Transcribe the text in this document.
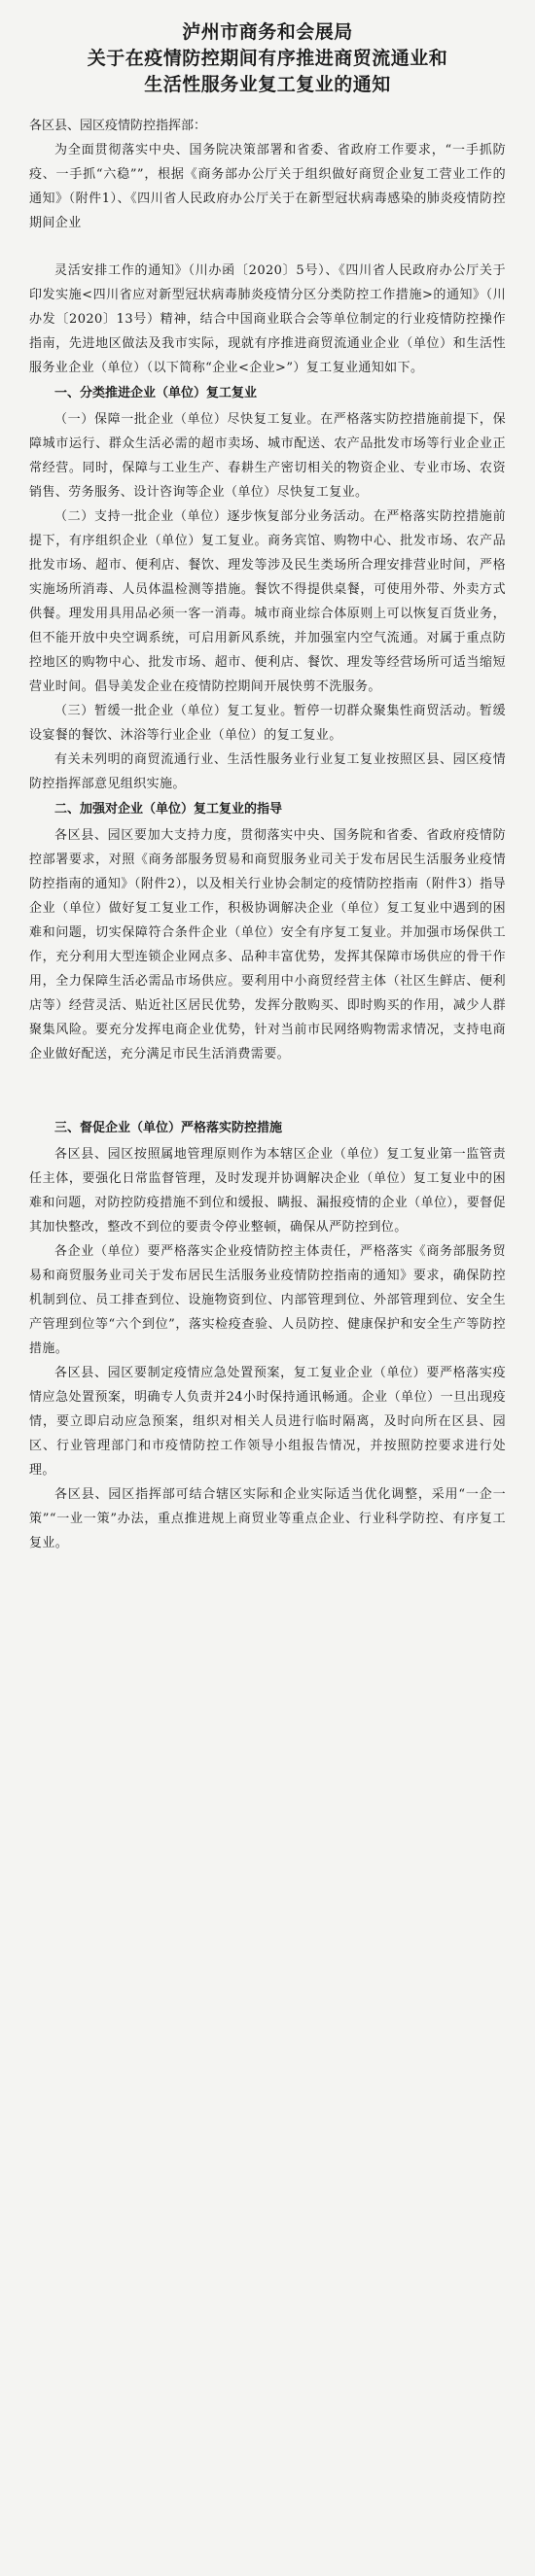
泸州市商务和会展局
关于在疫情防控期间有序推进商贸流通业和
生活性服务业复工复业的通知
各区县、园区疫情防控指挥部：

为全面贯彻落实中央、国务院决策部署和省委、省政府工作要求，“一手抓防疫、一手抓“六稳””，根据《商务部办公厅关于组织做好商贸企业复工营业工作的通知》（附件1）、《四川省人民政府办公厅关于在新型冠状病毒感染的肺炎疫情防控期间企业

灵活安排工作的通知》（川办函〔2020〕5号）、《四川省人民政府办公厅关于印发实施<四川省应对新型冠状病毒肺炎疫情分区分类防控工作措施>的通知》（川办发〔2020〕13号）精神，结合中国商业联合会等单位制定的行业疫情防控操作指南，先进地区做法及我市实际，现就有序推进商贸流通业企业（单位）和生活性服务业企业（单位）（以下简称“企业<企业>”）复工复业通知如下。

一、分类推进企业（单位）复工复业

（一）保障一批企业（单位）尽快复工复业。在严格落实防控措施前提下，保障城市运行、群众生活必需的超市卖场、城市配送、农产品批发市场等行业企业正常经营。同时，保障与工业生产、春耕生产密切相关的物资企业、专业市场、农资销售、劳务服务、设计咨询等企业（单位）尽快复工复业。

（二）支持一批企业（单位）逐步恢复部分业务活动。在严格落实防控措施前提下，有序组织企业（单位）复工复业。商务宾馆、购物中心、批发市场、农产品批发市场、超市、便利店、餐饮、理发等涉及民生类场所合理安排营业时间，严格实施场所消毒、人员体温检测等措施。餐饮不得提供桌餐，可使用外带、外卖方式供餐。理发用具用品必须一客一消毒。城市商业综合体原则上可以恢复百货业务，但不能开放中央空调系统，可启用新风系统，并加强室内空气流通。对属于重点防控地区的购物中心、批发市场、超市、便利店、餐饮、理发等经营场所可适当缩短营业时间。倡导美发企业在疫情防控期间开展快剪不洗服务。

（三）暂缓一批企业（单位）复工复业。暂停一切群众聚集性商贸活动。暂缓设宴餐的餐饮、沐浴等行业企业（单位）的复工复业。

有关未列明的商贸流通行业、生活性服务业行业复工复业按照区县、园区疫情防控指挥部意见组织实施。

二、加强对企业（单位）复工复业的指导

各区县、园区要加大支持力度，贯彻落实中央、国务院和省委、省政府疫情防控部署要求，对照《商务部服务贸易和商贸服务业司关于发布居民生活服务业疫情防控指南的通知》（附件2），以及相关行业协会制定的疫情防控指南（附件3）指导企业（单位）做好复工复业工作，积极协调解决企业（单位）复工复业中遇到的困难和问题，切实保障符合条件企业（单位）安全有序复工复业。并加强市场保供工作，充分利用大型连锁企业网点多、品种丰富优势，发挥其保障市场供应的骨干作用，全力保障生活必需品市场供应。要利用中小商贸经营主体（社区生鲜店、便利店等）经营灵活、贴近社区居民优势，发挥分散购买、即时购买的作用，减少人群聚集风险。要充分发挥电商企业优势，针对当前市民网络购物需求情况，支持电商企业做好配送，充分满足市民生活消费需要。

三、督促企业（单位）严格落实防控措施

各区县、园区按照属地管理原则作为本辖区企业（单位）复工复业第一监管责任主体，要强化日常监督管理，及时发现并协调解决企业（单位）复工复业中的困难和问题，对防控防疫措施不到位和缓报、瞒报、漏报疫情的企业（单位），要督促其加快整改，整改不到位的要责令停业整顿，确保从严防控到位。

各企业（单位）要严格落实企业疫情防控主体责任，严格落实《商务部服务贸易和商贸服务业司关于发布居民生活服务业疫情防控指南的通知》要求，确保防控机制到位、员工排查到位、设施物资到位、内部管理到位、外部管理到位、安全生产管理到位等“六个到位”，落实检疫查验、人员防控、健康保护和安全生产等防控措施。

各区县、园区要制定疫情应急处置预案，复工复业企业（单位）要严格落实疫情应急处置预案，明确专人负责并24小时保持通讯畅通。企业（单位）一旦出现疫情，要立即启动应急预案，组织对相关人员进行临时隔离，及时向所在区县、园区、行业管理部门和市疫情防控工作领导小组报告情况，并按照防控要求进行处理。

各区县、园区指挥部可结合辖区实际和企业实际适当优化调整，采用“一企一策”“一业一策”办法，重点推进规上商贸业等重点企业、行业科学防控、有序复工复业。
